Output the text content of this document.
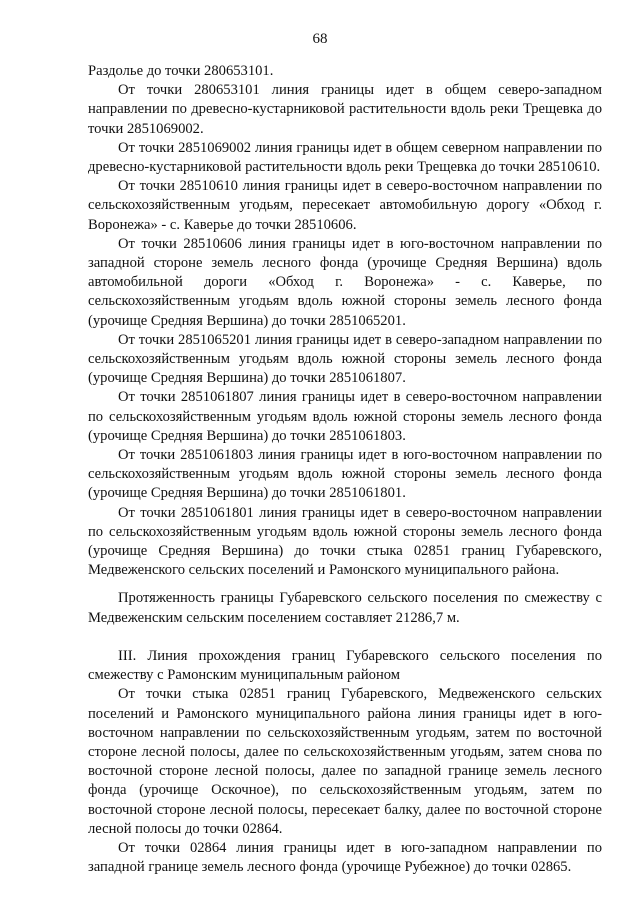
68

Раздолье до точки 280653101.

От точки 280653101 линия границы идет в общем северо-западном направлении по древесно-кустарниковой растительности вдоль реки Трещевка до точки 2851069002.

От точки 2851069002 линия границы идет в общем северном направлении по древесно-кустарниковой растительности вдоль реки Трещевка до точки 28510610.

От точки 28510610 линия границы идет в северо-восточном направлении по сельскохозяйственным угодьям, пересекает автомобильную дорогу «Обход г. Воронежа» - с. Каверье до точки 28510606.

От точки 28510606 линия границы идет в юго-восточном направлении по западной стороне земель лесного фонда (урочище Средняя Вершина) вдоль автомобильной дороги «Обход г. Воронежа» - с. Каверье, по сельскохозяйственным угодьям вдоль южной стороны земель лесного фонда (урочище Средняя Вершина) до точки 2851065201.

От точки 2851065201 линия границы идет в северо-западном направлении по сельскохозяйственным угодьям вдоль южной стороны земель лесного фонда (урочище Средняя Вершина) до точки 2851061807.

От точки 2851061807 линия границы идет в северо-восточном направлении по сельскохозяйственным угодьям вдоль южной стороны земель лесного фонда (урочище Средняя Вершина) до точки 2851061803.

От точки 2851061803 линия границы идет в юго-восточном направлении по сельскохозяйственным угодьям вдоль южной стороны земель лесного фонда (урочище Средняя Вершина) до точки 2851061801.

От точки 2851061801 линия границы идет в северо-восточном направлении по сельскохозяйственным угодьям вдоль южной стороны земель лесного фонда (урочище Средняя Вершина) до точки стыка 02851 границ Губаревского, Медвеженского сельских поселений и Рамонского муниципального района.

Протяженность границы Губаревского сельского поселения по смежеству с Медвеженским сельским поселением составляет 21286,7 м.

III. Линия прохождения границ Губаревского сельского поселения по смежеству с Рамонским муниципальным районом

От точки стыка 02851 границ Губаревского, Медвеженского сельских поселений и Рамонского муниципального района линия границы идет в юго-восточном направлении по сельскохозяйственным угодьям, затем по восточной стороне лесной полосы, далее по сельскохозяйственным угодьям, затем снова по восточной стороне лесной полосы, далее по западной границе земель лесного фонда (урочище Оскочное), по сельскохозяйственным угодьям, затем по восточной стороне лесной полосы, пересекает балку, далее по восточной стороне лесной полосы до точки 02864.

От точки 02864 линия границы идет в юго-западном направлении по западной границе земель лесного фонда (урочище Рубежное) до точки 02865.
